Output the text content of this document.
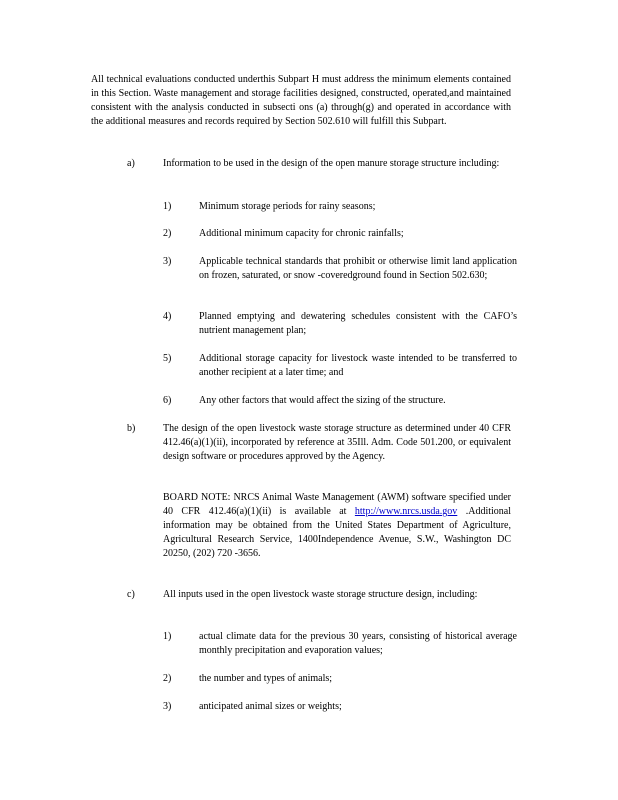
All technical evaluations conducted underthis Subpart H must address the minimum elements contained in this Section. Waste management and storage facilities designed, constructed, operated,and maintained consistent with the analysis conducted in subsecti ons (a) through(g) and operated in accordance with the additional measures and records required by Section 502.610 will fulfill this Subpart.
a)	Information to be used in the design of the open manure storage structure including:
1)	Minimum storage periods for rainy seasons;
2)	Additional minimum capacity for chronic rainfalls;
3)	Applicable technical standards that prohibit or otherwise limit land application on frozen, saturated, or snow -coveredground found in Section 502.630;
4)	Planned emptying and dewatering schedules consistent with the CAFO’s nutrient management plan;
5)	Additional storage capacity for livestock waste intended to be transferred to another recipient at a later time; and
6)	Any other factors that would affect the sizing of the structure.
b)	The design of the open livestock waste storage structure as determined under 40 CFR 412.46(a)(1)(ii), incorporated by reference at 35Ill. Adm. Code 501.200, or equivalent design software or procedures approved by the Agency.
BOARD NOTE: NRCS Animal Waste Management (AWM) software specified under 40 CFR 412.46(a)(1)(ii) is available at http://www.nrcs.usda.gov .Additional information may be obtained from the United States Department of Agriculture, Agricultural Research Service, 1400Independence Avenue, S.W., Washington DC 20250, (202) 720 -3656.
c)	All inputs used in the open livestock waste storage structure design, including:
1)	actual climate data for the previous 30 years, consisting of historical average monthly precipitation and evaporation values;
2)	the number and types of animals;
3)	anticipated animal sizes or weights;
